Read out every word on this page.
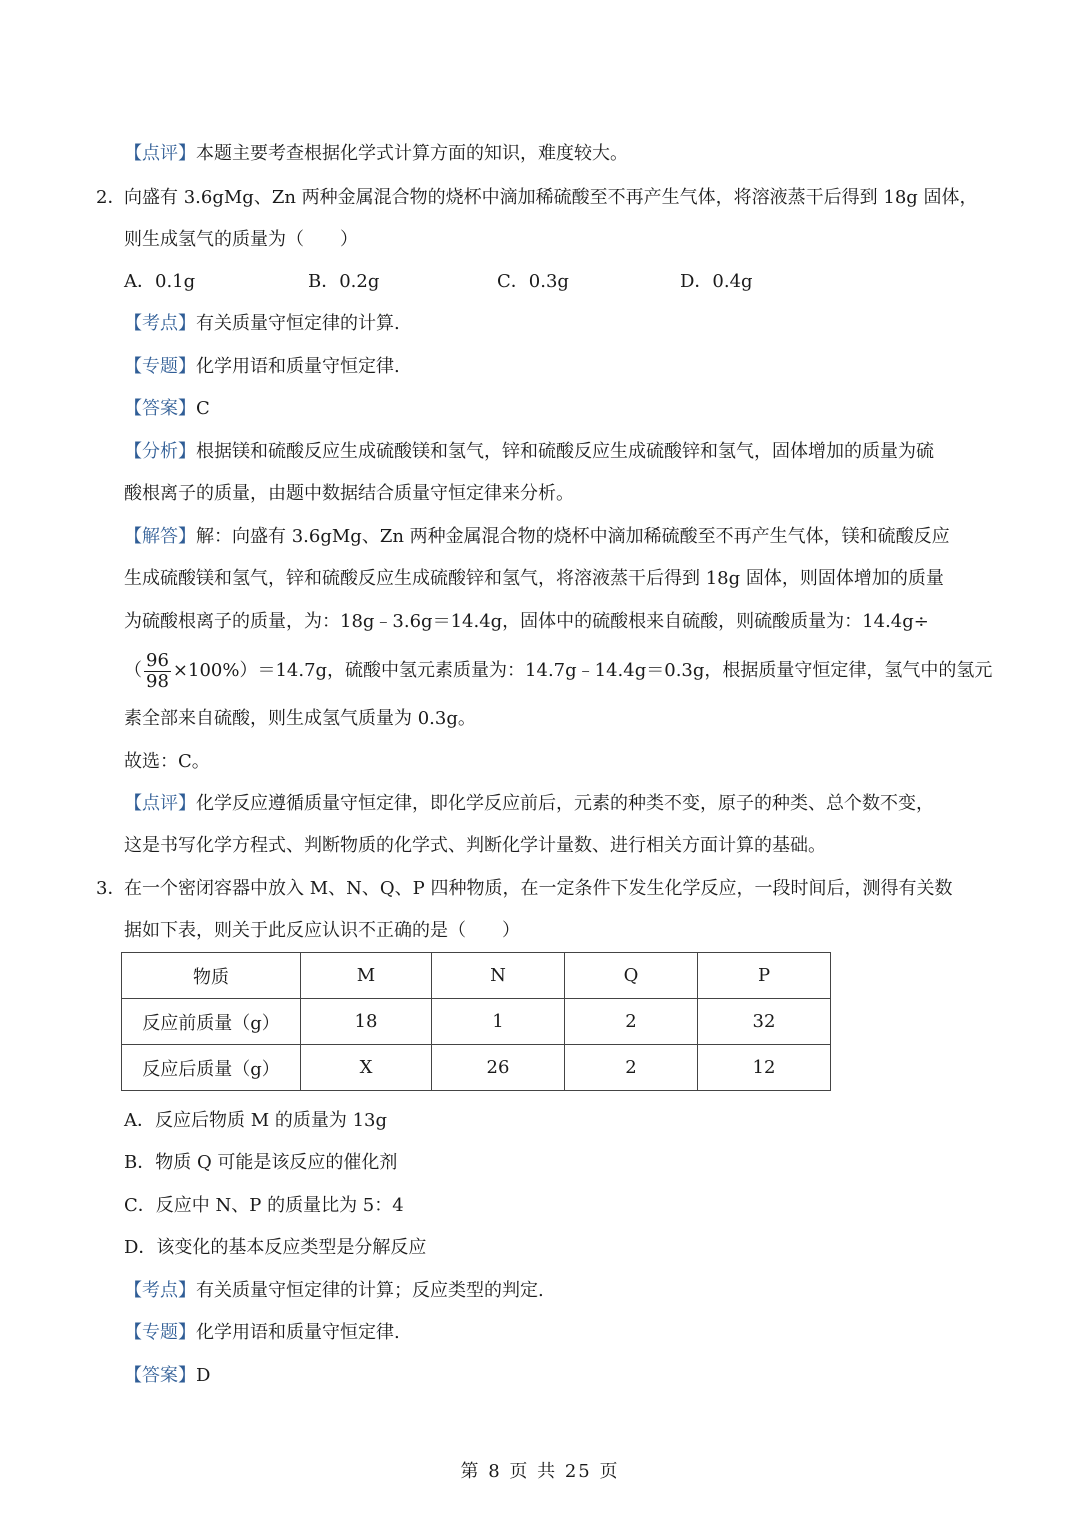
【点评】本题主要考查根据化学式计算方面的知识，难度较大。
2．
向盛有 3.6gMg、Zn 两种金属混合物的烧杯中滴加稀硫酸至不再产生气体，将溶液蒸干后得到 18g 固体，
则生成氢气的质量为（　　）
A．0.1g	B．0.2g	C．0.3g	D．0.4g
【考点】有关质量守恒定律的计算.
【专题】化学用语和质量守恒定律.
【答案】C
【分析】根据镁和硫酸反应生成硫酸镁和氢气，锌和硫酸反应生成硫酸锌和氢气，固体增加的质量为硫
酸根离子的质量，由题中数据结合质量守恒定律来分析。
【解答】解：向盛有 3.6gMg、Zn 两种金属混合物的烧杯中滴加稀硫酸至不再产生气体，镁和硫酸反应
生成硫酸镁和氢气，锌和硫酸反应生成硫酸锌和氢气，将溶液蒸干后得到 18g 固体，则固体增加的质量
为硫酸根离子的质量，为：18g﹣3.6g＝14.4g，固体中的硫酸根来自硫酸，则硫酸质量为：14.4g÷
（ $\frac{96}{98} \times 100\%)=14.7g$，硫酸中氢元素质量为：14.7g﹣14.4g＝0.3g，根据质量守恒定律，氢气中的氢元
素全部来自硫酸，则生成氢气质量为 0.3g。
故选：C。
【点评】化学反应遵循质量守恒定律，即化学反应前后，元素的种类不变，原子的种类、总个数不变，
这是书写化学方程式、判断物质的化学式、判断化学计量数、进行相关方面计算的基础。
3．
在一个密闭容器中放入 M、N、Q、P 四种物质，在一定条件下发生化学反应，一段时间后，测得有关数
据如下表，则关于此反应认识不正确的是（　　）
物质	M	N	Q	P
反应前质量（g）	18	1	2	32
反应后质量（g）	X	26	2	12
A．反应后物质 M 的质量为 13g
B．物质 Q 可能是该反应的催化剂
C．反应中 N、P 的质量比为 5：4
D．该变化的基本反应类型是分解反应
【考点】有关质量守恒定律的计算；反应类型的判定.
【专题】化学用语和质量守恒定律.
【答案】D
第 8 页 共 25 页
